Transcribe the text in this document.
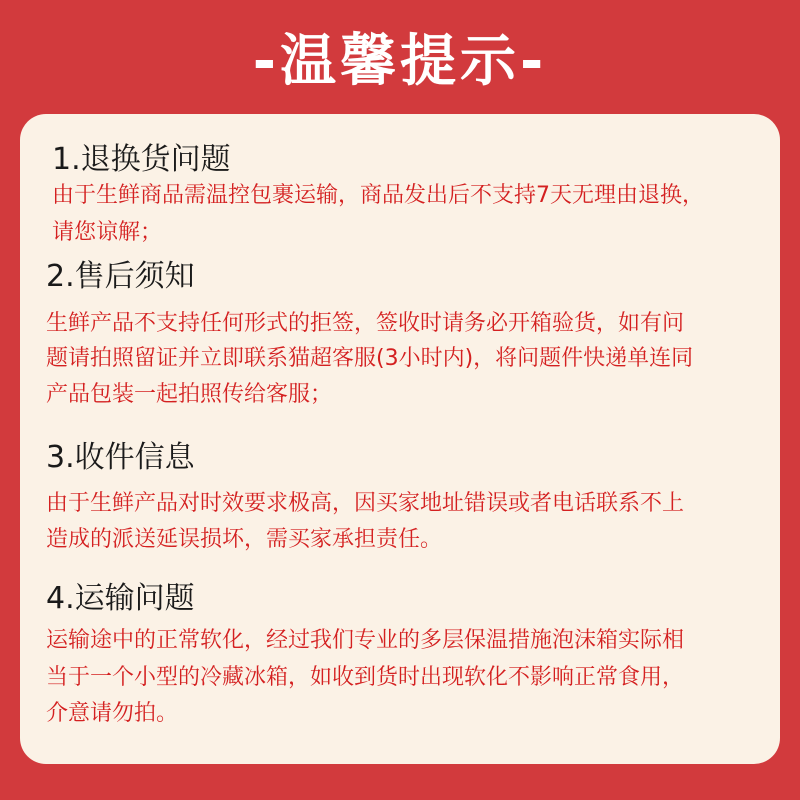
-温馨提示-
1.退换货问题
由于生鲜商品需温控包裹运输，商品发出后不支持7天无理由退换，
请您谅解；
2.售后须知
生鲜产品不支持任何形式的拒签，签收时请务必开箱验货，如有问
题请拍照留证并立即联系猫超客服(3小时内)，将问题件快递单连同
产品包装一起拍照传给客服；
3.收件信息
由于生鲜产品对时效要求极高，因买家地址错误或者电话联系不上
造成的派送延误损坏，需买家承担责任。
4.运输问题
运输途中的正常软化，经过我们专业的多层保温措施泡沫箱实际相
当于一个小型的冷藏冰箱，如收到货时出现软化不影响正常食用，
介意请勿拍。
